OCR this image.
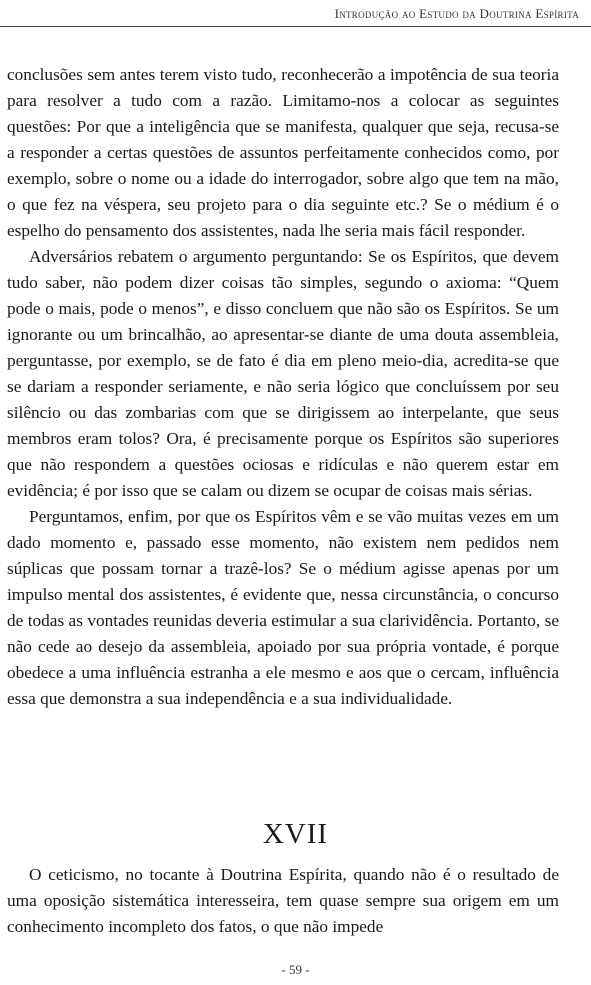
Introdução ao Estudo da Doutrina Espírita

conclusões sem antes terem visto tudo, reconhecerão a impotência de sua teoria para resolver a tudo com a razão. Limitamo-nos a colocar as seguintes questões: Por que a inteligência que se manifesta, qualquer que seja, recusa-se a responder a certas questões de assuntos perfeitamente conhecidos como, por exemplo, sobre o nome ou a idade do interrogador, sobre algo que tem na mão, o que fez na véspera, seu projeto para o dia seguinte etc.? Se o médium é o espelho do pensamento dos assistentes, nada lhe seria mais fácil responder.

Adversários rebatem o argumento perguntando: Se os Espíritos, que devem tudo saber, não podem dizer coisas tão simples, segundo o axioma: “Quem pode o mais, pode o menos”, e disso concluem que não são os Espíritos. Se um ignorante ou um brincalhão, ao apresentar-se diante de uma douta assembleia, perguntasse, por exemplo, se de fato é dia em pleno meio-dia, acredita-se que se dariam a responder seriamente, e não seria lógico que concluíssem por seu silêncio ou das zombarias com que se dirigissem ao interpelante, que seus membros eram tolos? Ora, é precisamente porque os Espíritos são superiores que não respondem a questões ociosas e ridículas e não querem estar em evidência; é por isso que se calam ou dizem se ocupar de coisas mais sérias.

Perguntamos, enfim, por que os Espíritos vêm e se vão muitas vezes em um dado momento e, passado esse momento, não existem nem pedidos nem súplicas que possam tornar a trazê-los? Se o médium agisse apenas por um impulso mental dos assistentes, é evidente que, nessa circunstância, o concurso de todas as vontades reunidas deveria estimular a sua clarividência. Portanto, se não cede ao desejo da assembleia, apoiado por sua própria vontade, é porque obedece a uma influência estranha a ele mesmo e aos que o cercam, influência essa que demonstra a sua independência e a sua individualidade.

XVII

O ceticismo, no tocante à Doutrina Espírita, quando não é o resultado de uma oposição sistemática interesseira, tem quase sempre sua origem em um conhecimento incompleto dos fatos, o que não impede

- 59 -
